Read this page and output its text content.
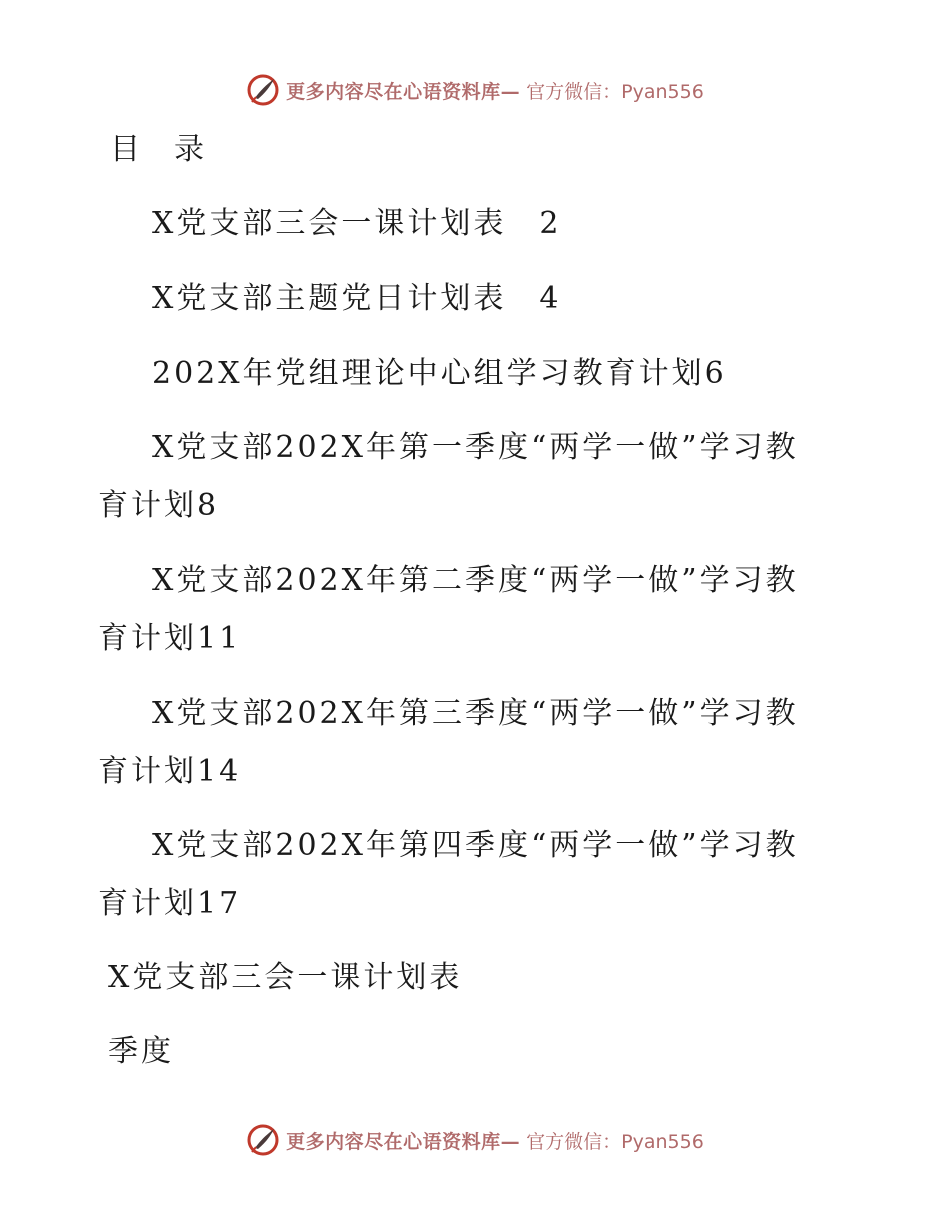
更多内容尽在心语资料库— 官方微信：Pyan556
目　录

X党支部三会一课计划表　2

X党支部主题党日计划表　4

202X年党组理论中心组学习教育计划6

X党支部202X年第一季度“两学一做”学习教

育计划8

X党支部202X年第二季度“两学一做”学习教

育计划11

X党支部202X年第三季度“两学一做”学习教

育计划14

X党支部202X年第四季度“两学一做”学习教

育计划17

X党支部三会一课计划表

季度

更多内容尽在心语资料库— 官方微信：Pyan556
